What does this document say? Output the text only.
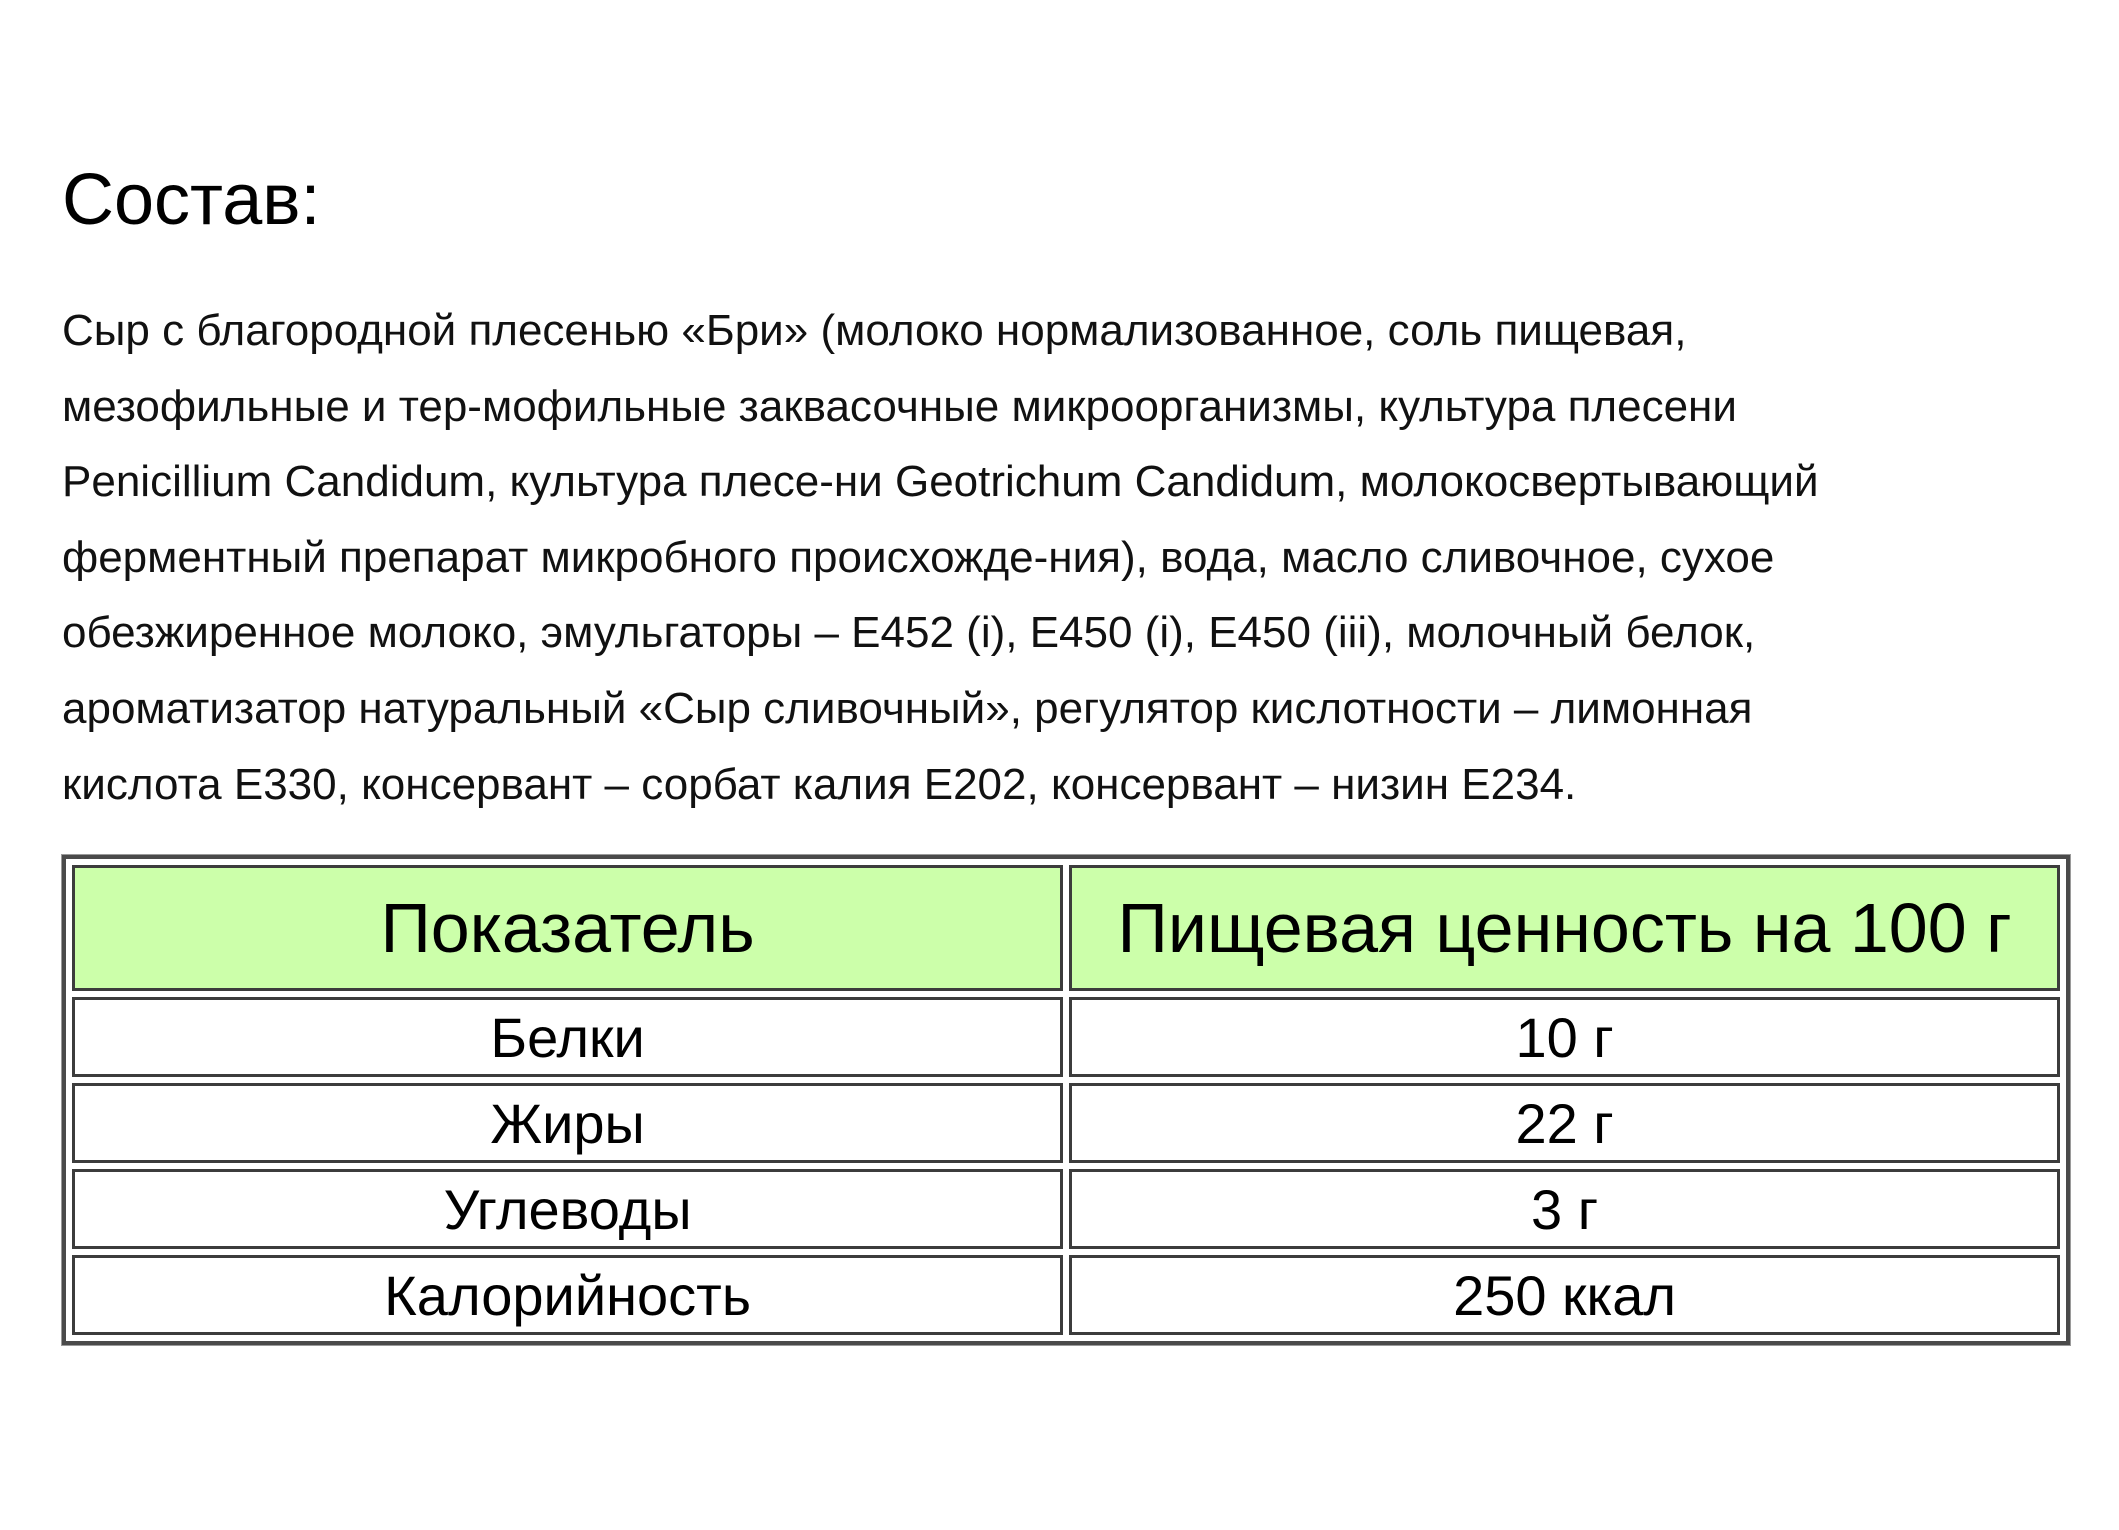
Состав:

Сыр с благородной плесенью «Бри» (молоко нормализованное, соль пищевая,
мезофильные и тер-мофильные заквасочные микроорганизмы, культура плесени
Penicillium Candidum, культура плесе-ни Geotrichum Candidum, молокосвертывающий
ферментный препарат микробного происхожде-ния), вода, масло сливочное, сухое
обезжиренное молоко, эмульгаторы – Е452 (i), Е450 (i), Е450 (iii), молочный белок,
ароматизатор натуральный «Сыр сливочный», регулятор кислотности – лимонная
кислота Е330, консервант – сорбат калия Е202, консервант – низин Е234.

Показатель	Пищевая ценность на 100 г
Белки	10 г
Жиры	22 г
Углеводы	3 г
Калорийность	250 ккал
